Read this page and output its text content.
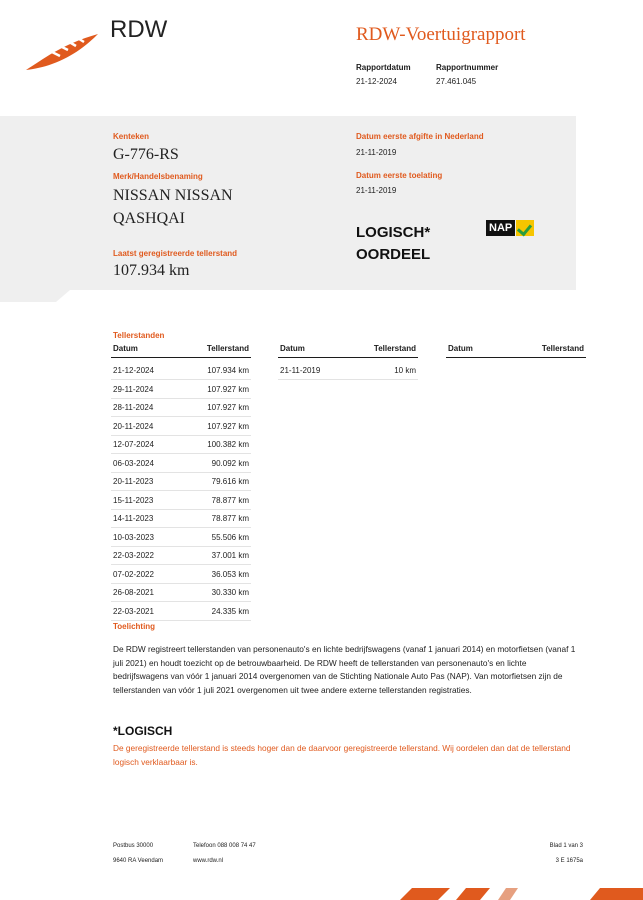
RDW	RDW-Voertuigrapport
Rapportdatum
21-12-2024
Rapportnummer
27.461.045
Kenteken
G-776-RS
Merk/Handelsbenaming
NISSAN NISSAN
QASHQAI
Laatst geregistreerde tellerstand
107.934 km
Datum eerste afgifte in Nederland
21-11-2019
Datum eerste toelating
21-11-2019
LOGISCH*
OORDEEL
NAP
Tellerstanden
Datum	Tellerstand	Datum	Tellerstand	Datum	Tellerstand
21-12-2024	107.934 km
29-11-2024	107.927 km
28-11-2024	107.927 km
20-11-2024	107.927 km
12-07-2024	100.382 km
06-03-2024	90.092 km
20-11-2023	79.616 km
15-11-2023	78.877 km
14-11-2023	78.877 km
10-03-2023	55.506 km
22-03-2022	37.001 km
07-02-2022	36.053 km
26-08-2021	30.330 km
22-03-2021	24.335 km
21-11-2019	10 km
Toelichting
De RDW registreert tellerstanden van personenauto's en lichte bedrijfswagens (vanaf 1 januari 2014) en motorfietsen (vanaf 1 juli 2021) en houdt toezicht op de betrouwbaarheid. De RDW heeft de tellerstanden van personenauto's en lichte bedrijfswagens van vóór 1 januari 2014 overgenomen van de Stichting Nationale Auto Pas (NAP). Van motorfietsen zijn de tellerstanden van vóór 1 juli 2021 overgenomen uit twee andere externe tellerstanden registraties.
*LOGISCH
De geregistreerde tellerstand is steeds hoger dan de daarvoor geregistreerde tellerstand. Wij oordelen dan dat de tellerstand logisch verklaarbaar is.
Postbus 30000
9640 RA Veendam
Telefoon 088 008 74 47
www.rdw.nl
Blad 1 van 3
3 E 1675a
